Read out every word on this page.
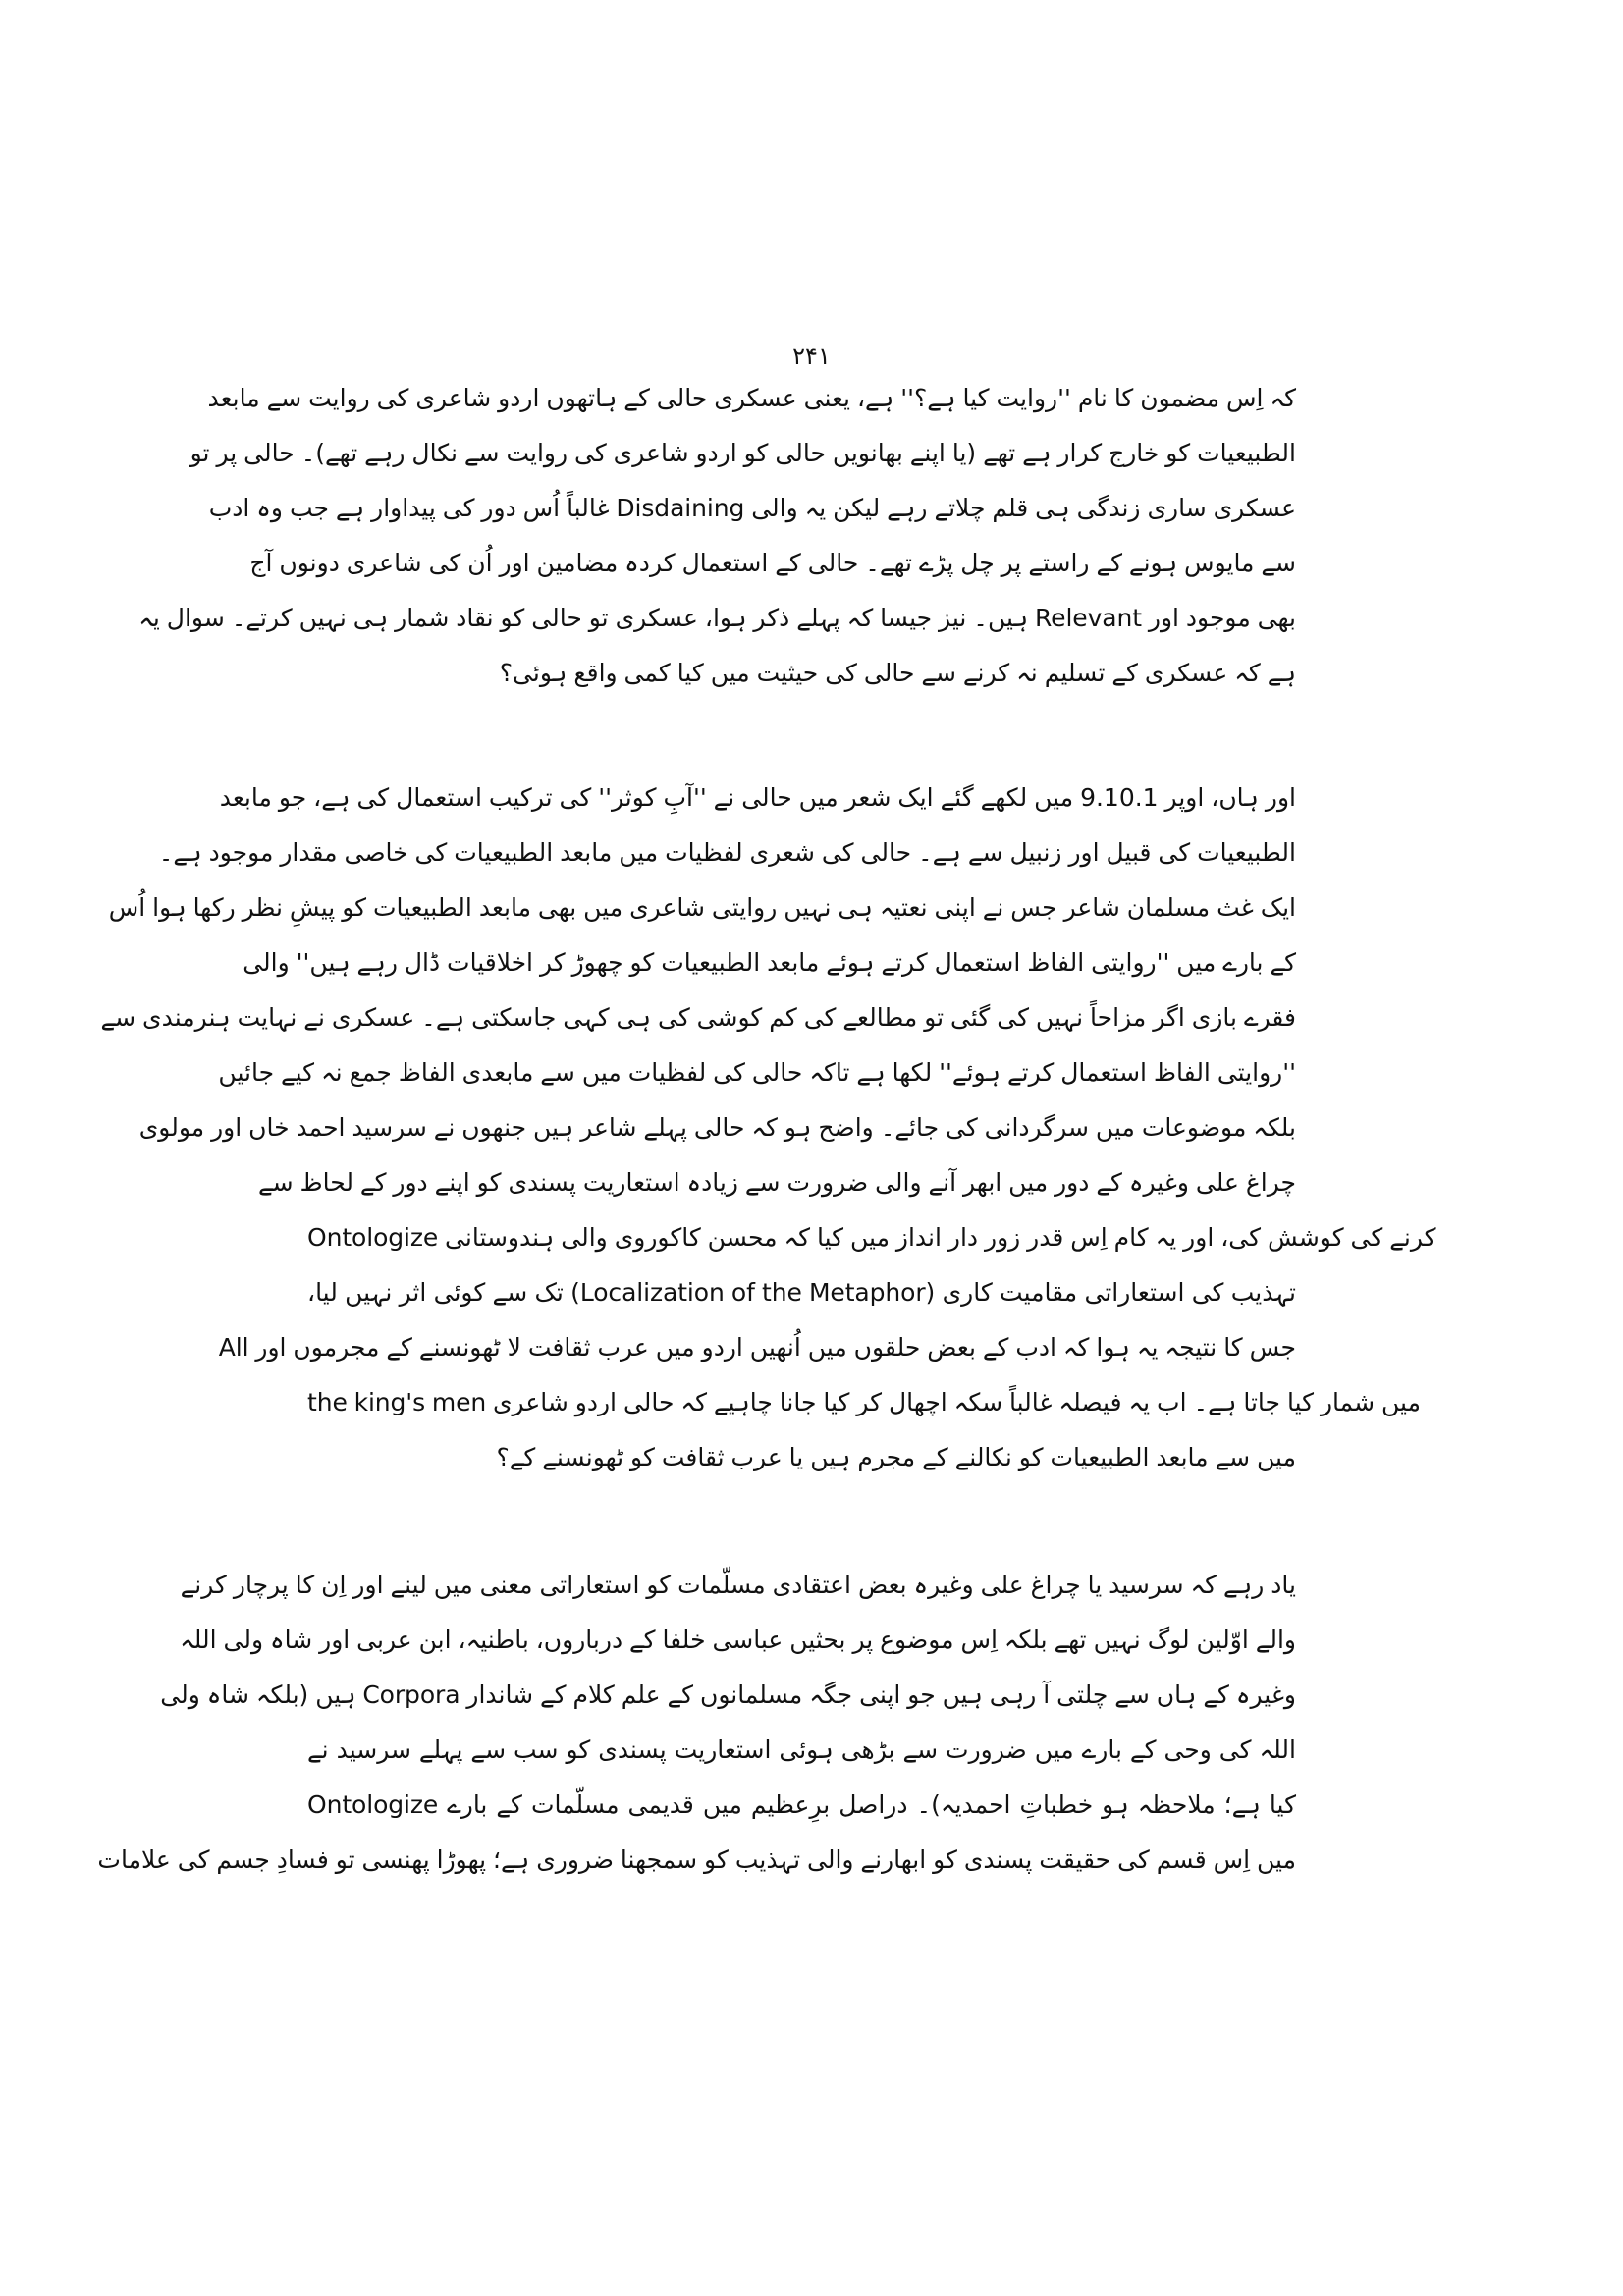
۲۴۱
کہ اِس مضمون کا نام ''روایت کیا ہے؟'' ہے، یعنی عسکری حالی کے ہاتھوں اردو شاعری کی روایت سے مابعد
الطبیعیات کو خارج کرار ہے تھے (یا اپنے بھانویں حالی کو اردو شاعری کی روایت سے نکال رہے تھے)۔ حالی پر تو
عسکری ساری زندگی ہی قلم چلاتے رہے لیکن یہ والی Disdaining غالباً اُس دور کی پیداوار ہے جب وہ ادب
سے مایوس ہونے کے راستے پر چل پڑے تھے۔ حالی کے استعمال کردہ مضامین اور اُن کی شاعری دونوں آج
بھی موجود اور Relevant ہیں۔ نیز جیسا کہ پہلے ذکر ہوا، عسکری تو حالی کو نقاد شمار ہی نہیں کرتے۔ سوال یہ
ہے کہ عسکری کے تسلیم نہ کرنے سے حالی کی حیثیت میں کیا کمی واقع ہوئی؟
اور ہاں، اوپر 9.10.1 میں لکھے گئے ایک شعر میں حالی نے ''آبِ کوثر'' کی ترکیب استعمال کی ہے، جو مابعد
الطبیعیات کی قبیل اور زنبیل سے ہے۔ حالی کی شعری لفظیات میں مابعد الطبیعیات کی خاصی مقدار موجود ہے۔
ایک غث مسلمان شاعر جس نے اپنی نعتیہ ہی نہیں روایتی شاعری میں بھی مابعد الطبیعیات کو پیشِ نظر رکھا ہوا اُس
کے بارے میں ''روایتی الفاظ استعمال کرتے ہوئے مابعد الطبیعیات کو چھوڑ کر اخلاقیات ڈال رہے ہیں'' والی
فقرے بازی اگر مزاحاً نہیں کی گئی تو مطالعے کی کم کوشی کی ہی کہی جاسکتی ہے۔ عسکری نے نہایت ہنرمندی سے
''روایتی الفاظ استعمال کرتے ہوئے'' لکھا ہے تاکہ حالی کی لفظیات میں سے مابعدی الفاظ جمع نہ کیے جائیں
بلکہ موضوعات میں سرگردانی کی جائے۔ واضح ہو کہ حالی پہلے شاعر ہیں جنھوں نے سرسید احمد خاں اور مولوی
چراغ علی وغیرہ کے دور میں ابھر آنے والی ضرورت سے زیادہ استعاریت پسندی کو اپنے دور کے لحاظ سے
Ontologize کرنے کی کوشش کی، اور یہ کام اِس قدر زور دار انداز میں کیا کہ محسن کاکوروی والی ہندوستانی
تہذیب کی استعاراتی مقامیت کاری (Localization of the Metaphor) تک سے کوئی اثر نہیں لیا،
جس کا نتیجہ یہ ہوا کہ ادب کے بعض حلقوں میں اُنھیں اردو میں عرب ثقافت لا ٹھونسنے کے مجرموں اور All
the king's men میں شمار کیا جاتا ہے۔ اب یہ فیصلہ غالباً سکہ اچھال کر کیا جانا چاہیے کہ حالی اردو شاعری
میں سے مابعد الطبیعیات کو نکالنے کے مجرم ہیں یا عرب ثقافت کو ٹھونسنے کے؟
یاد رہے کہ سرسید یا چراغ علی وغیرہ بعض اعتقادی مسلّمات کو استعاراتی معنی میں لینے اور اِن کا پرچار کرنے
والے اوّلین لوگ نہیں تھے بلکہ اِس موضوع پر بحثیں عباسی خلفا کے درباروں، باطنیہ، ابن عربی اور شاہ ولی اللہ
وغیرہ کے ہاں سے چلتی آ رہی ہیں جو اپنی جگہ مسلمانوں کے علم کلام کے شاندار Corpora ہیں (بلکہ شاہ ولی
اللہ کی وحی کے بارے میں ضرورت سے بڑھی ہوئی استعاریت پسندی کو سب سے پہلے سرسید نے
Ontologize کیا ہے؛ ملاحظہ ہو خطباتِ احمدیہ)۔ دراصل برِعظیم میں قدیمی مسلّمات کے بارے
میں اِس قسم کی حقیقت پسندی کو ابھارنے والی تہذیب کو سمجھنا ضروری ہے؛ پھوڑا پھنسی تو فسادِ جسم کی علامات
